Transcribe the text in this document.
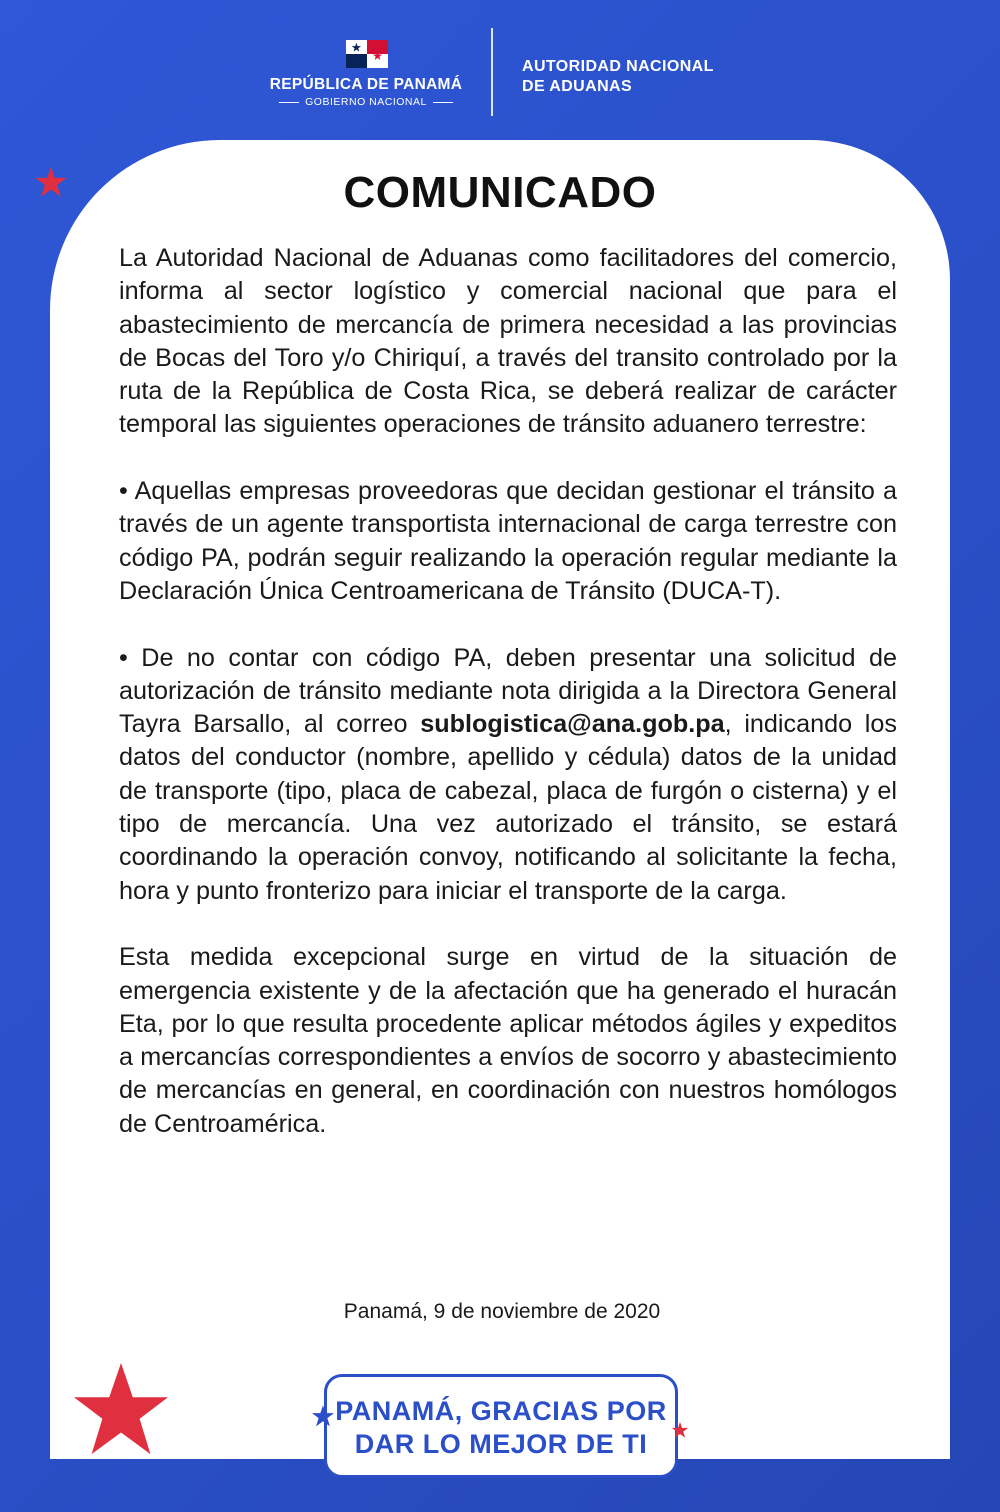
REPÚBLICA DE PANAMÁ
GOBIERNO NACIONAL
AUTORIDAD NACIONAL
DE ADUANAS
COMUNICADO

La Autoridad Nacional de Aduanas como facilitadores del comercio, informa al sector logístico y comercial nacional que para el abastecimiento de mercancía de primera necesidad a las provincias de Bocas del Toro y/o Chiriquí, a través del transito controlado por la ruta de la República de Costa Rica, se deberá realizar de carácter temporal las siguientes operaciones de tránsito aduanero terrestre:

• Aquellas empresas proveedoras que decidan gestionar el tránsito a través de un agente transportista internacional de carga terrestre con código PA, podrán seguir realizando la operación regular mediante la Declaración Única Centroamericana de Tránsito (DUCA-T).

• De no contar con código PA, deben presentar una solicitud de autorización de tránsito mediante nota dirigida a la Directora General Tayra Barsallo, al correo sublogistica@ana.gob.pa, indicando los datos del conductor (nombre, apellido y cédula) datos de la unidad de transporte (tipo, placa de cabezal, placa de furgón o cisterna) y el tipo de mercancía. Una vez autorizado el tránsito, se estará coordinando la operación convoy, notificando al solicitante la fecha, hora y punto fronterizo para iniciar el transporte de la carga.

Esta medida excepcional surge en virtud de la situación de emergencia existente y de la afectación que ha generado el huracán Eta, por lo que resulta procedente aplicar métodos ágiles y expeditos a mercancías correspondientes a envíos de socorro y abastecimiento de mercancías en general, en coordinación con nuestros homólogos de Centroamérica.

Panamá, 9 de noviembre de 2020
PANAMÁ, GRACIAS POR
DAR LO MEJOR DE TI
